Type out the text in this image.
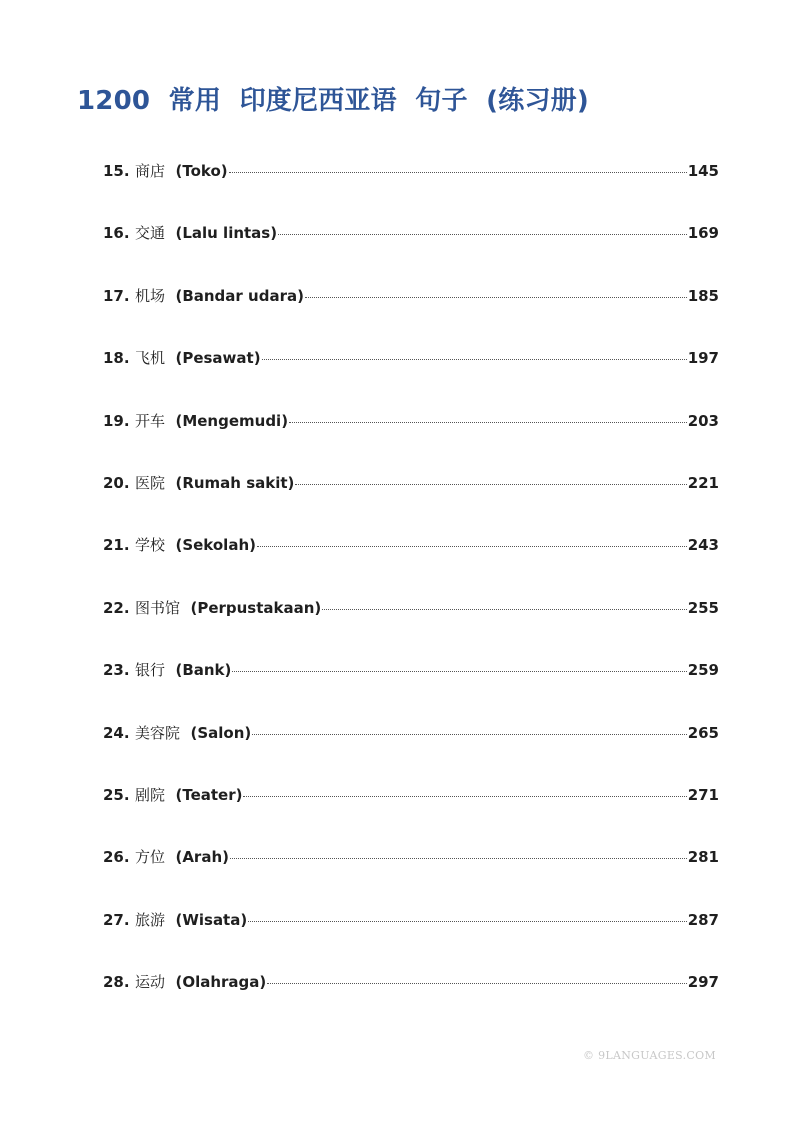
1200  常用  印度尼西亚语  句子  (练习册)
15. 商店 (Toko)	145
16. 交通 (Lalu lintas)	169
17. 机场 (Bandar udara)	185
18. 飞机 (Pesawat)	197
19. 开车 (Mengemudi)	203
20. 医院 (Rumah sakit)	221
21. 学校 (Sekolah)	243
22. 图书馆 (Perpustakaan)	255
23. 银行 (Bank)	259
24. 美容院 (Salon)	265
25. 剧院 (Teater)	271
26. 方位 (Arah)	281
27. 旅游 (Wisata)	287
28. 运动 (Olahraga)	297
© 9LANGUAGES.COM
